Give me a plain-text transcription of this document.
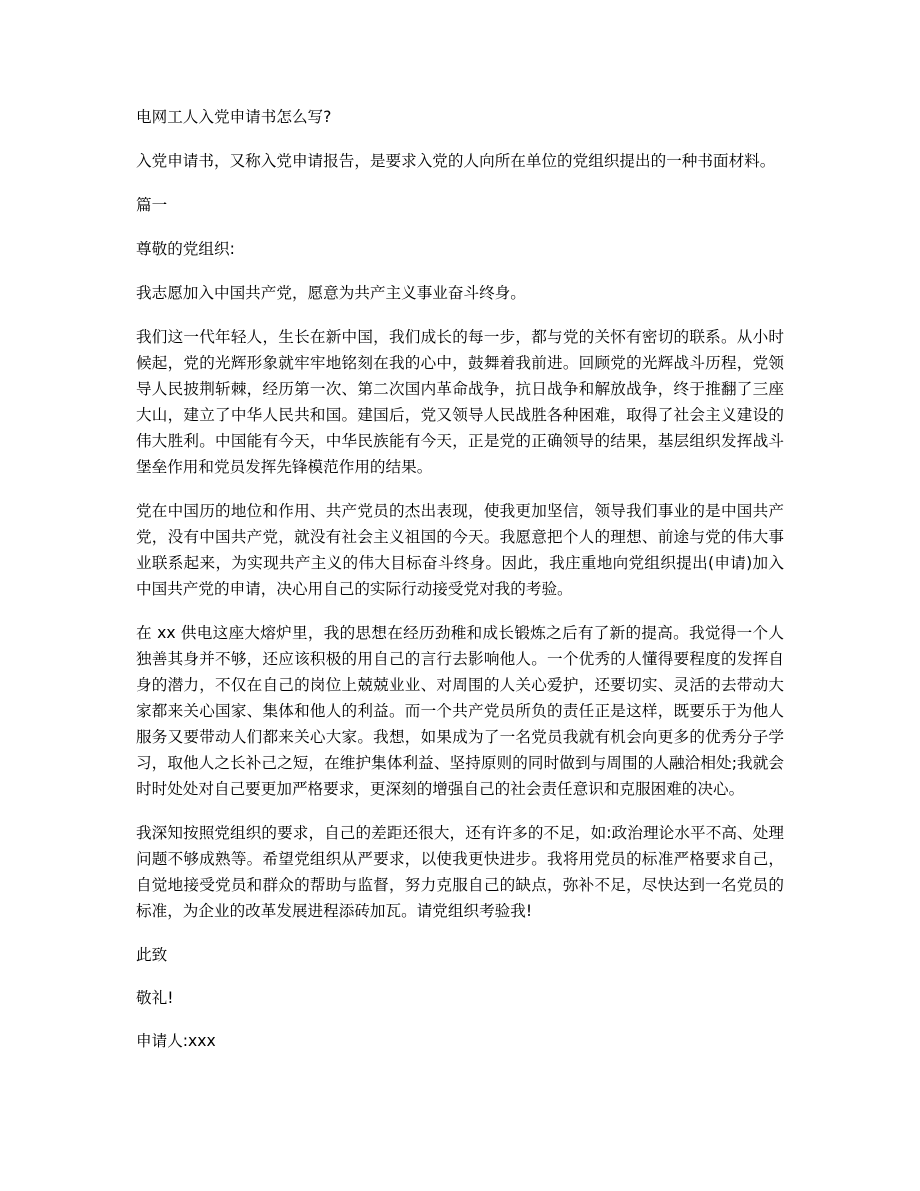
电网工人入党申请书怎么写?

入党申请书，又称入党申请报告，是要求入党的人向所在单位的党组织提出的一种书面材料。

篇一

尊敬的党组织:

我志愿加入中国共产党，愿意为共产主义事业奋斗终身。

我们这一代年轻人，生长在新中国，我们成长的每一步，都与党的关怀有密切的联系。从小时候起，党的光辉形象就牢牢地铭刻在我的心中，鼓舞着我前进。回顾党的光辉战斗历程，党领导人民披荆斩棘，经历第一次、第二次国内革命战争，抗日战争和解放战争，终于推翻了三座大山，建立了中华人民共和国。建国后，党又领导人民战胜各种困难，取得了社会主义建设的伟大胜利。中国能有今天，中华民族能有今天，正是党的正确领导的结果，基层组织发挥战斗堡垒作用和党员发挥先锋模范作用的结果。

党在中国历的地位和作用、共产党员的杰出表现，使我更加坚信，领导我们事业的是中国共产党，没有中国共产党，就没有社会主义祖国的今天。我愿意把个人的理想、前途与党的伟大事业联系起来，为实现共产主义的伟大目标奋斗终身。因此，我庄重地向党组织提出(申请)加入中国共产党的申请，决心用自己的实际行动接受党对我的考验。

在 xx 供电这座大熔炉里，我的思想在经历劲稚和成长锻炼之后有了新的提高。我觉得一个人独善其身并不够，还应该积极的用自己的言行去影响他人。一个优秀的人懂得要程度的发挥自身的潜力，不仅在自己的岗位上兢兢业业、对周围的人关心爱护，还要切实、灵活的去带动大家都来关心国家、集体和他人的利益。而一个共产党员所负的责任正是这样，既要乐于为他人服务又要带动人们都来关心大家。我想，如果成为了一名党员我就有机会向更多的优秀分子学习，取他人之长补己之短，在维护集体利益、坚持原则的同时做到与周围的人融洽相处;我就会时时处处对自己要更加严格要求，更深刻的增强自己的社会责任意识和克服困难的决心。

我深知按照党组织的要求，自己的差距还很大，还有许多的不足，如:政治理论水平不高、处理问题不够成熟等。希望党组织从严要求，以使我更快进步。我将用党员的标准严格要求自己，自觉地接受党员和群众的帮助与监督，努力克服自己的缺点，弥补不足，尽快达到一名党员的标准，为企业的改革发展进程添砖加瓦。请党组织考验我!

此致

敬礼!

申请人:xxx
